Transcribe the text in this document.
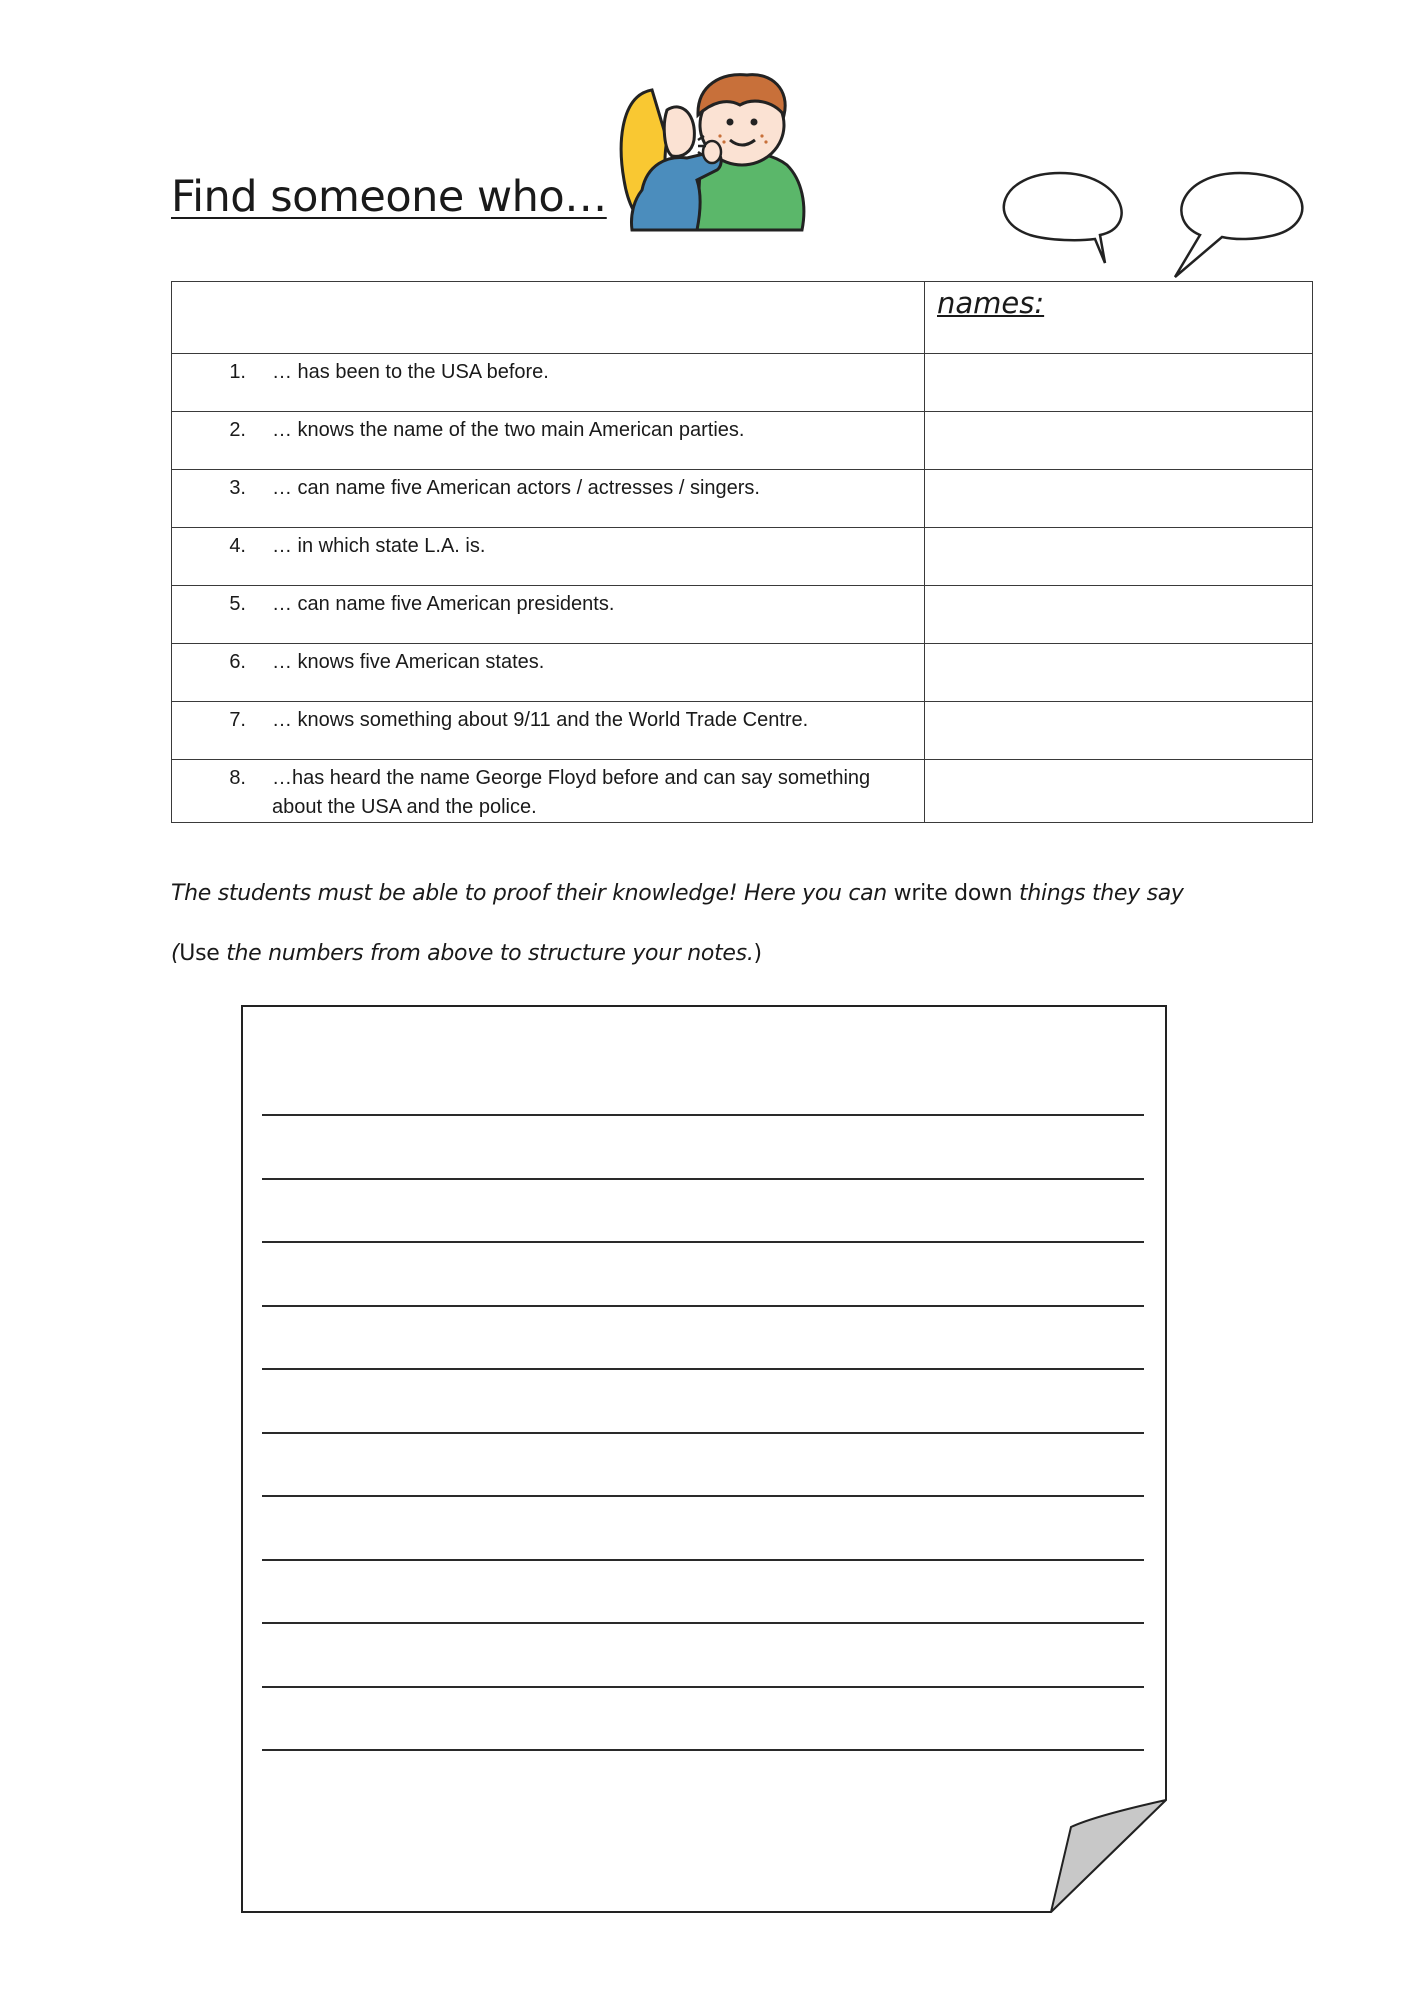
Find someone who…
	names:

1. … has been to the USA before.	

2. … knows the name of the two main American parties.	

3. … can name five American actors / actresses / singers.	

4. … in which state L.A. is.	

5. … can name five American presidents.	

6. … knows five American states.	

7. … knows something about 9/11 and the World Trade Centre.	

8. …has heard the name George Floyd before and can say something about the USA and the police.	

The students must be able to proof their knowledge! Here you can write down things they say
(Use the numbers from above to structure your notes.)
